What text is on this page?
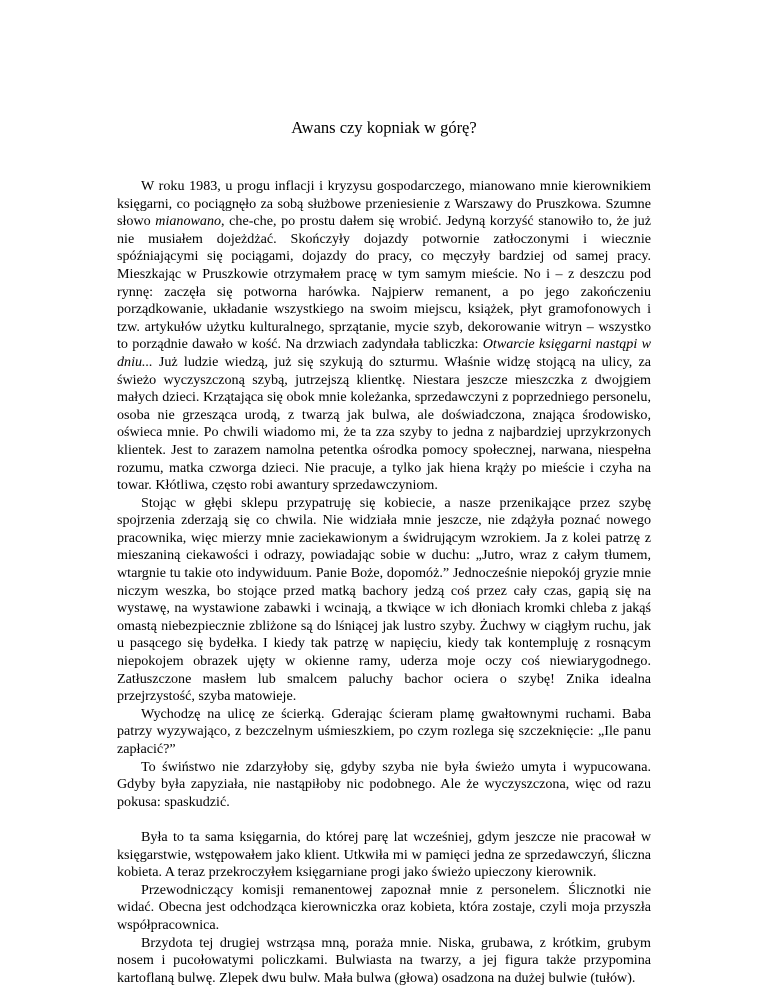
Awans czy kopniak w górę?

W roku 1983, u progu inflacji i kryzysu gospodarczego, mianowano mnie kierownikiem księgarni, co pociągnęło za sobą służbowe przeniesienie z Warszawy do Pruszkowa. Szumne słowo mianowano, che-che, po prostu dałem się wrobić. Jedyną korzyść stanowiło to, że już nie musiałem dojeżdżać. Skończyły dojazdy potwornie zatłoczonymi i wiecznie spóźniającymi się pociągami, dojazdy do pracy, co męczyły bardziej od samej pracy. Mieszkając w Pruszkowie otrzymałem pracę w tym samym mieście. No i – z deszczu pod rynnę: zaczęła się potworna harówka. Najpierw remanent, a po jego zakończeniu porządkowanie, układanie wszystkiego na swoim miejscu, książek, płyt gramofonowych i tzw. artykułów użytku kulturalnego, sprzątanie, mycie szyb, dekorowanie witryn – wszystko to porządnie dawało w kość. Na drzwiach zadyndała tabliczka: Otwarcie księgarni nastąpi w dniu... Już ludzie wiedzą, już się szykują do szturmu. Właśnie widzę stojącą na ulicy, za świeżo wyczyszczoną szybą, jutrzejszą klientkę. Niestara jeszcze mieszczka z dwojgiem małych dzieci. Krzątająca się obok mnie koleżanka, sprzedawczyni z poprzedniego personelu, osoba nie grzesząca urodą, z twarzą jak bulwa, ale doświadczona, znająca środowisko, oświeca mnie. Po chwili wiadomo mi, że ta zza szyby to jedna z najbardziej uprzykrzonych klientek. Jest to zarazem namolna petentka ośrodka pomocy społecznej, narwana, niespełna rozumu, matka czworga dzieci. Nie pracuje, a tylko jak hiena krąży po mieście i czyha na towar. Kłótliwa, często robi awantury sprzedawczyniom.

Stojąc w głębi sklepu przypatruję się kobiecie, a nasze przenikające przez szybę spojrzenia zderzają się co chwila. Nie widziała mnie jeszcze, nie zdążyła poznać nowego pracownika, więc mierzy mnie zaciekawionym a świdrującym wzrokiem. Ja z kolei patrzę z mieszaniną ciekawości i odrazy, powiadając sobie w duchu: „Jutro, wraz z całym tłumem, wtargnie tu takie oto indywiduum. Panie Boże, dopomóż.” Jednocześnie niepokój gryzie mnie niczym weszka, bo stojące przed matką bachory jedzą coś przez cały czas, gapią się na wystawę, na wystawione zabawki i wcinają, a tkwiące w ich dłoniach kromki chleba z jakąś omastą niebezpiecznie zbliżone są do lśniącej jak lustro szyby. Żuchwy w ciągłym ruchu, jak u pasącego się bydełka. I kiedy tak patrzę w napięciu, kiedy tak kontempluję z rosnącym niepokojem obrazek ujęty w okienne ramy, uderza moje oczy coś niewiarygodnego. Zatłuszczone masłem lub smalcem paluchy bachor ociera o szybę! Znika idealna przejrzystość, szyba matowieje.

Wychodzę na ulicę ze ścierką. Gderając ścieram plamę gwałtownymi ruchami. Baba patrzy wyzywająco, z bezczelnym uśmieszkiem, po czym rozlega się szczeknięcie: „Ile panu zapłacić?”

To świństwo nie zdarzyłoby się, gdyby szyba nie była świeżo umyta i wypucowana. Gdyby była zapyziała, nie nastąpiłoby nic podobnego. Ale że wyczyszczona, więc od razu pokusa: spaskudzić.

Była to ta sama księgarnia, do której parę lat wcześniej, gdym jeszcze nie pracował w księgarstwie, wstępowałem jako klient. Utkwiła mi w pamięci jedna ze sprzedawczyń, śliczna kobieta. A teraz przekroczyłem księgarniane progi jako świeżo upieczony kierownik.

Przewodniczący komisji remanentowej zapoznał mnie z personelem. Ślicznotki nie widać. Obecna jest odchodząca kierowniczka oraz kobieta, która zostaje, czyli moja przyszła współpracownica.

Brzydota tej drugiej wstrząsa mną, poraża mnie. Niska, grubawa, z krótkim, grubym nosem i pucołowatymi policzkami. Bulwiasta na twarzy, a jej figura także przypomina kartoflaną bulwę. Zlepek dwu bulw. Mała bulwa (głowa) osadzona na dużej bulwie (tułów).
